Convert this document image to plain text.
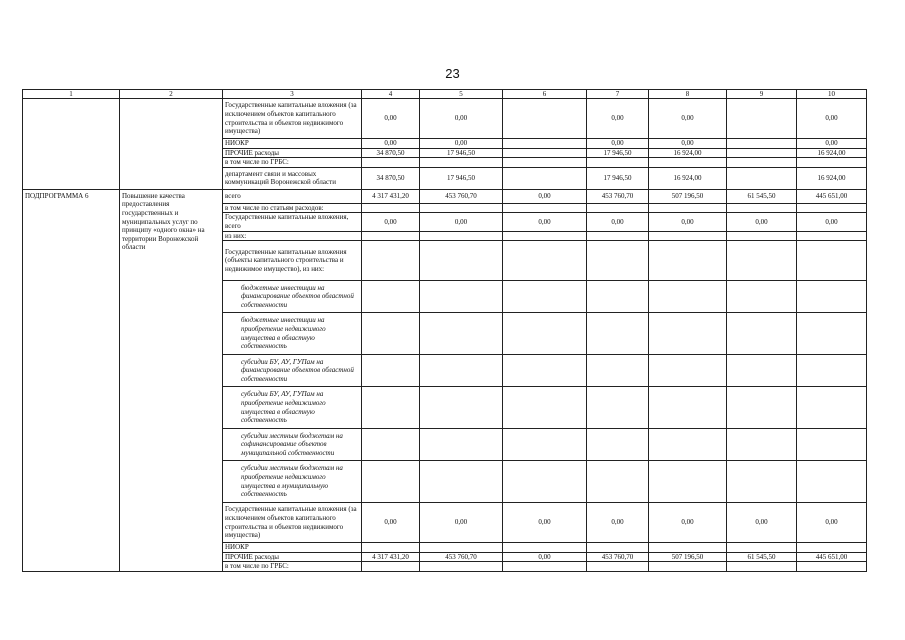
23
1	2	3	4	5	6	7	8	9	10
		Государственные капитальные вложения (за исключением объектов капитального строительства и объектов недвижимого имущества)	0,00	0,00		0,00	0,00		0,00
		НИОКР	0,00	0,00		0,00	0,00		0,00
		ПРОЧИЕ расходы	34 870,50	17 946,50		17 946,50	16 924,00		16 924,00
		в том числе по ГРБС:							
		департамент связи и массовых коммуникаций Воронежской области	34 870,50	17 946,50		17 946,50	16 924,00		16 924,00
ПОДПРОГРАММА 6	Повышение качества предоставления государственных и муниципальных услуг по принципу «одного окна» на территории Воронежской области	всего	4 317 431,20	453 760,70	0,00	453 760,70	507 196,50	61 545,50	445 651,00
		в том числе по статьям расходов:							
		Государственные капитальные вложения, всего	0,00	0,00	0,00	0,00	0,00	0,00	0,00
		из них:							
		Государственные капитальные вложения (объекты капитального строительства и недвижимое имущество), из них:							
		бюджетные инвестиции на финансирование объектов областной собственности							
		бюджетные инвестиции на приобретение недвижимого имущества в областную собственность							
		субсидии БУ, АУ, ГУПам на финансирование объектов областной собственности							
		субсидии БУ, АУ, ГУПам на приобретение недвижимого имущества в областную собственность							
		субсидии местным бюджетам на софинансирование объектов муниципальной собственности							
		субсидии местным бюджетам на приобретение недвижимого имущества в муниципальную собственность							
		Государственные капитальные вложения (за исключением объектов капитального строительства и объектов недвижимого имущества)	0,00	0,00	0,00	0,00	0,00	0,00	0,00
		НИОКР							
		ПРОЧИЕ расходы	4 317 431,20	453 760,70	0,00	453 760,70	507 196,50	61 545,50	445 651,00
		в том числе по ГРБС:							
